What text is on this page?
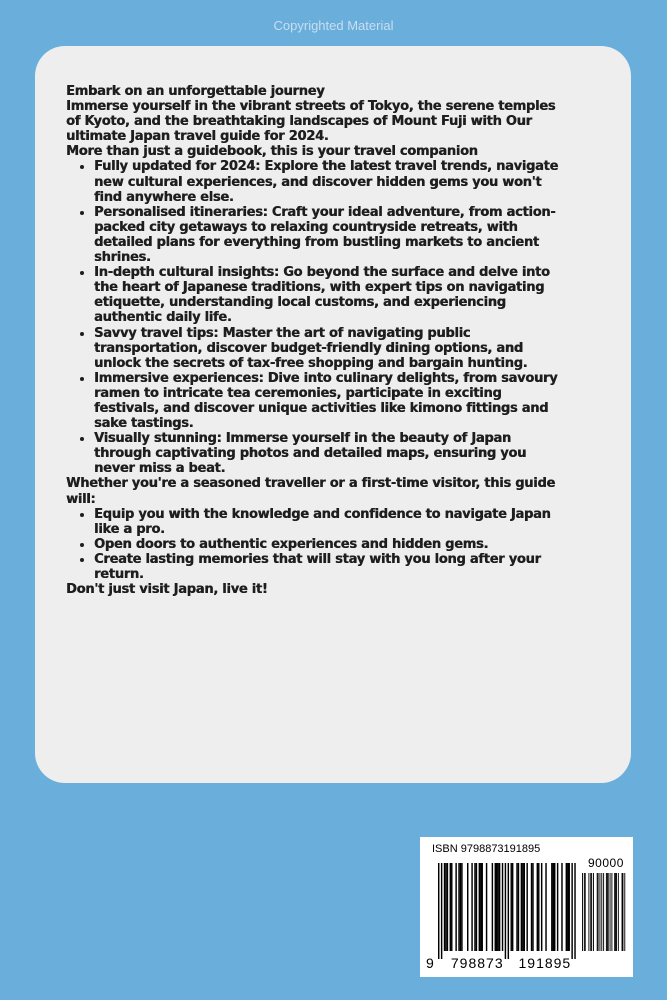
Copyrighted Material

Embark on an unforgettable journey

Immerse yourself in the vibrant streets of Tokyo, the serene temples of Kyoto, and the breathtaking landscapes of Mount Fuji with Our ultimate Japan travel guide for 2024.

More than just a guidebook, this is your travel companion

• Fully updated for 2024: Explore the latest travel trends, navigate new cultural experiences, and discover hidden gems you won't find anywhere else.
• Personalised itineraries: Craft your ideal adventure, from action-packed city getaways to relaxing countryside retreats, with detailed plans for everything from bustling markets to ancient shrines.
• In-depth cultural insights: Go beyond the surface and delve into the heart of Japanese traditions, with expert tips on navigating etiquette, understanding local customs, and experiencing authentic daily life.
• Savvy travel tips: Master the art of navigating public transportation, discover budget-friendly dining options, and unlock the secrets of tax-free shopping and bargain hunting.
• Immersive experiences: Dive into culinary delights, from savoury ramen to intricate tea ceremonies, participate in exciting festivals, and discover unique activities like kimono fittings and sake tastings.
• Visually stunning: Immerse yourself in the beauty of Japan through captivating photos and detailed maps, ensuring you never miss a beat.

Whether you're a seasoned traveller or a first-time visitor, this guide will:

• Equip you with the knowledge and confidence to navigate Japan like a pro.
• Open doors to authentic experiences and hidden gems.
• Create lasting memories that will stay with you long after your return.

Don't just visit Japan, live it!

ISBN 9798873191895
90000
9 798873 191895
